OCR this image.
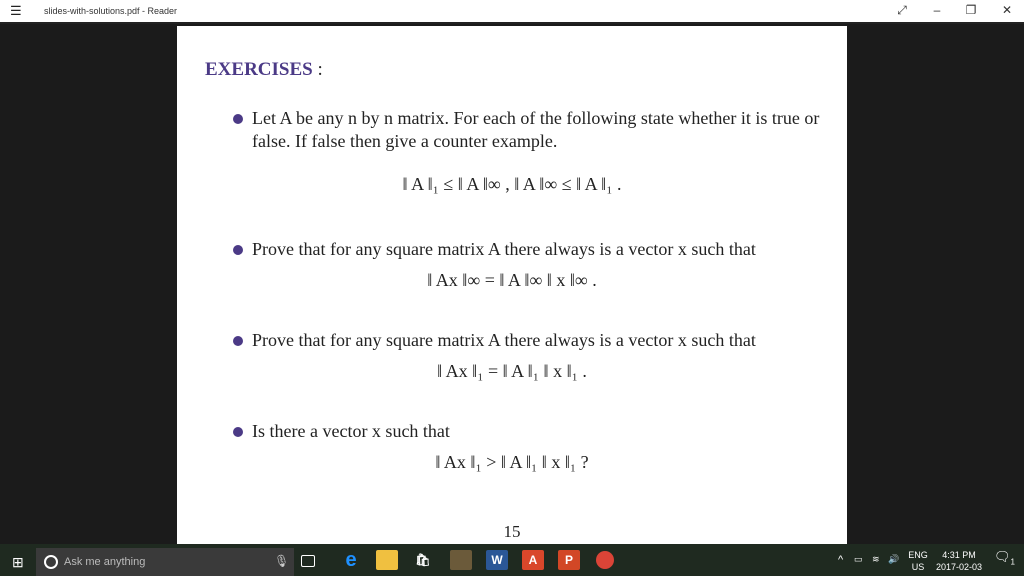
☰ slides-with-solutions.pdf - Reader	⤢	–	❐	✕
EXERCISES :
Let A be any n by n matrix. For each of the following state whether it is true or false. If false then give a counter example.
‖ A ‖₁ ≤ ‖ A ‖∞ , ‖ A ‖∞ ≤ ‖ A ‖₁ .
Prove that for any square matrix A there always is a vector x such that
‖ Ax ‖∞ = ‖ A ‖∞ ‖ x ‖∞ .
Prove that for any square matrix A there always is a vector x such that
‖ Ax ‖₁ = ‖ A ‖₁ ‖ x ‖₁ .
Is there a vector x such that
‖ Ax ‖₁ > ‖ A ‖₁ ‖ x ‖₁ ?
15
⊞	Ask me anything	🎙	e	🛍	W	A	P	^ ▭ ≋ 🔊 ENG
US
4:31 PM
2017-02-03
$🗨_1$
